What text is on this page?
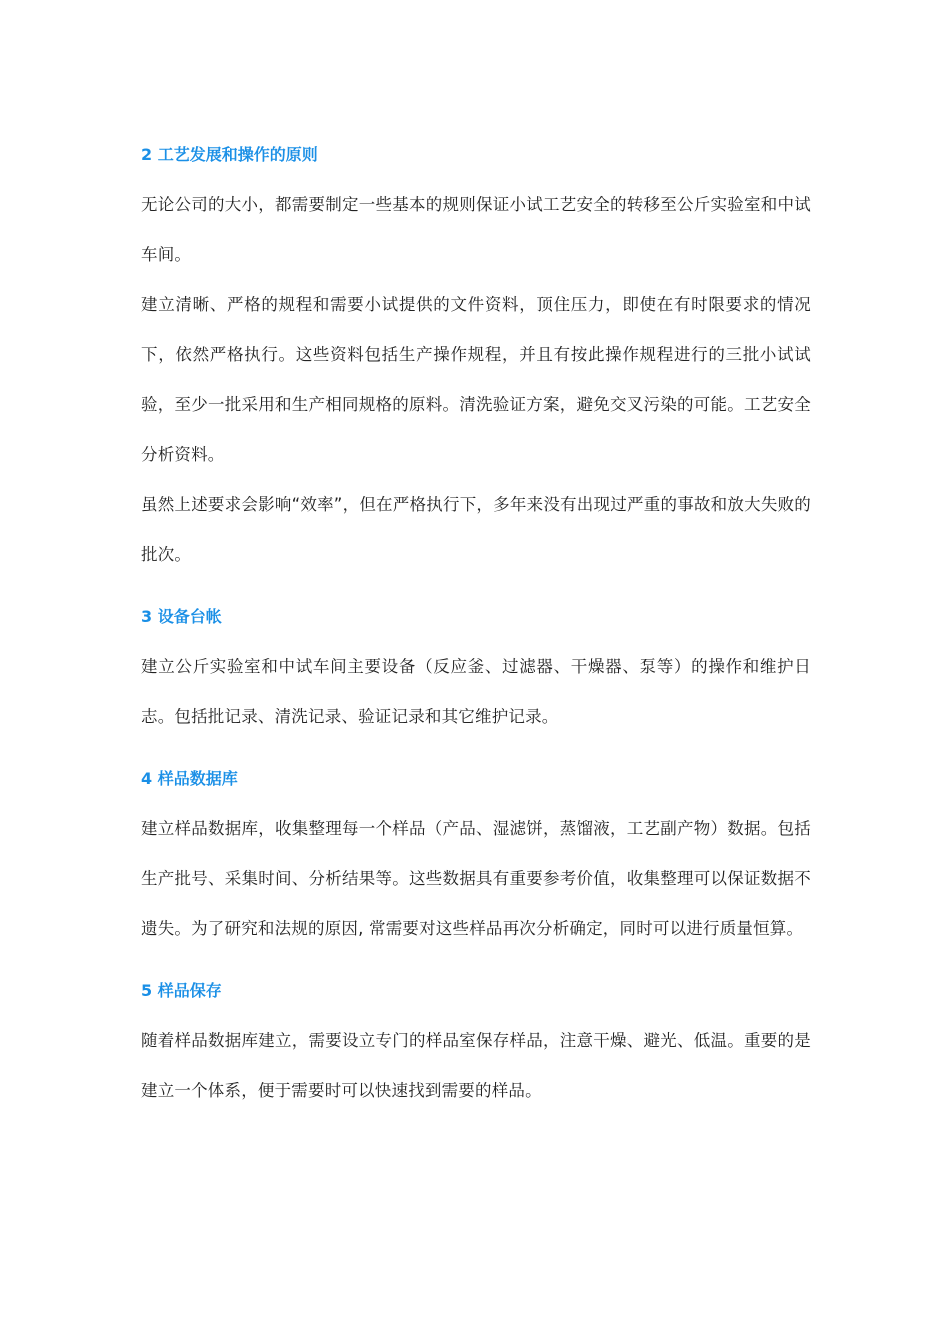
2 工艺发展和操作的原则

无论公司的大小，都需要制定一些基本的规则保证小试工艺安全的转移至公斤实验室和中试车间。

建立清晰、严格的规程和需要小试提供的文件资料，顶住压力，即使在有时限要求的情况下，依然严格执行。这些资料包括生产操作规程，并且有按此操作规程进行的三批小试试验，至少一批采用和生产相同规格的原料。清洗验证方案，避免交叉污染的可能。工艺安全分析资料。

虽然上述要求会影响“效率”，但在严格执行下，多年来没有出现过严重的事故和放大失败的批次。

3 设备台帐

建立公斤实验室和中试车间主要设备（反应釜、过滤器、干燥器、泵等）的操作和维护日志。包括批记录、清洗记录、验证记录和其它维护记录。

4 样品数据库

建立样品数据库，收集整理每一个样品（产品、湿滤饼，蒸馏液，工艺副产物）数据。包括生产批号、采集时间、分析结果等。这些数据具有重要参考价值，收集整理可以保证数据不遗失。为了研究和法规的原因, 常需要对这些样品再次分析确定，同时可以进行质量恒算。

5 样品保存

随着样品数据库建立，需要设立专门的样品室保存样品，注意干燥、避光、低温。重要的是建立一个体系，便于需要时可以快速找到需要的样品。
